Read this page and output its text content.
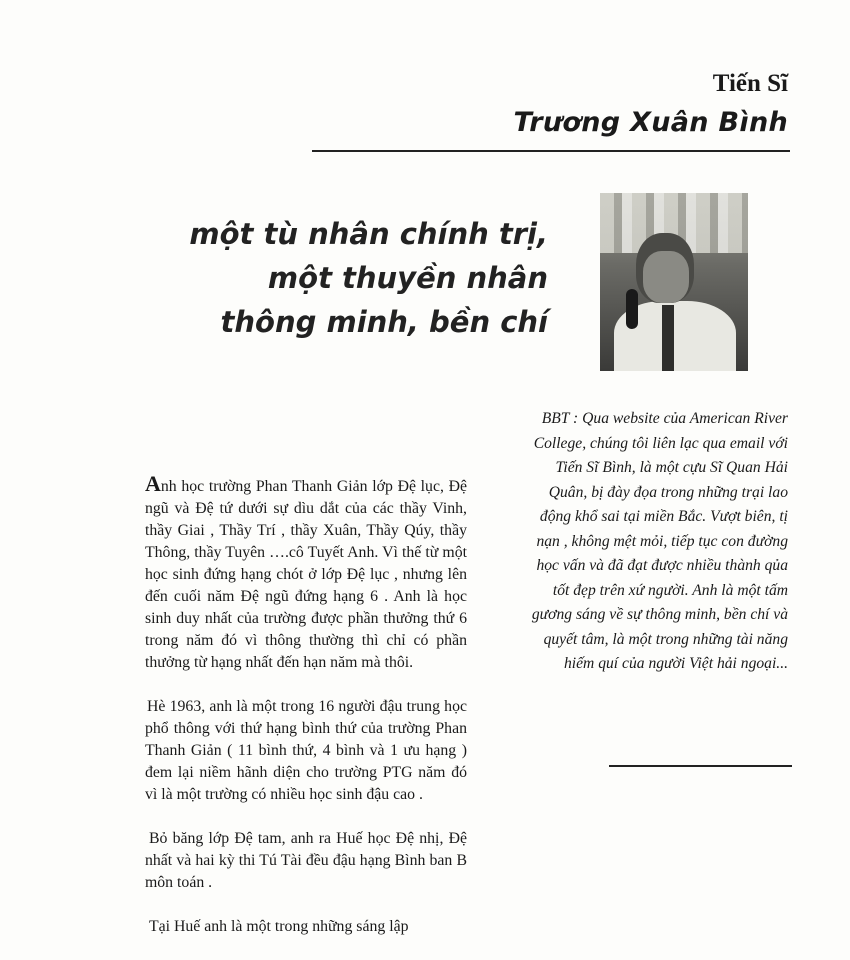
Tiến Sĩ
Trương Xuân Bình
một tù nhân chính trị,
một thuyền nhân
thông minh, bền chí
BBT : Qua website của American River College, chúng tôi liên lạc qua email với Tiến Sĩ Bình, là một cựu Sĩ Quan Hải Quân, bị đày đọa trong những trại lao động khổ sai tại miền Bắc. Vượt biên, tị nạn , không mệt mỏi, tiếp tục con đường học vấn và đã đạt được nhiều thành qủa tốt đẹp trên xứ người. Anh là một tấm gương sáng về sự thông minh, bền chí và quyết tâm, là một trong những tài năng hiếm quí của người Việt hải ngoại...

Anh học trường Phan Thanh Giản lớp Đệ lục, Đệ ngũ và Đệ tứ dưới sự dìu dắt của các thầy Vinh, thầy Giai , Thầy Trí , thầy Xuân, Thầy Qúy, thầy Thông, thầy Tuyên ….cô Tuyết Anh. Vì thế từ một học sinh đứng hạng chót ở lớp Đệ lục , nhưng lên đến cuối năm Đệ ngũ đứng hạng 6 . Anh là học sinh duy nhất của trường được phần thưởng thứ 6 trong năm đó vì thông thường thì chỉ có phần thưởng từ hạng nhất đến hạn năm mà thôi.

Hè 1963, anh là một trong 16 người đậu trung học phổ thông với thứ hạng bình thứ của trường Phan Thanh Giản ( 11 bình thứ, 4 bình và 1 ưu hạng ) đem lại niềm hãnh diện cho trường PTG năm đó vì là một trường có nhiều học sinh đậu cao .

Bỏ băng lớp Đệ tam, anh ra Huế học Đệ nhị, Đệ nhất và hai kỳ thi Tú Tài đều đậu hạng Bình ban B môn toán .

Tại Huế anh là một trong những sáng lập
